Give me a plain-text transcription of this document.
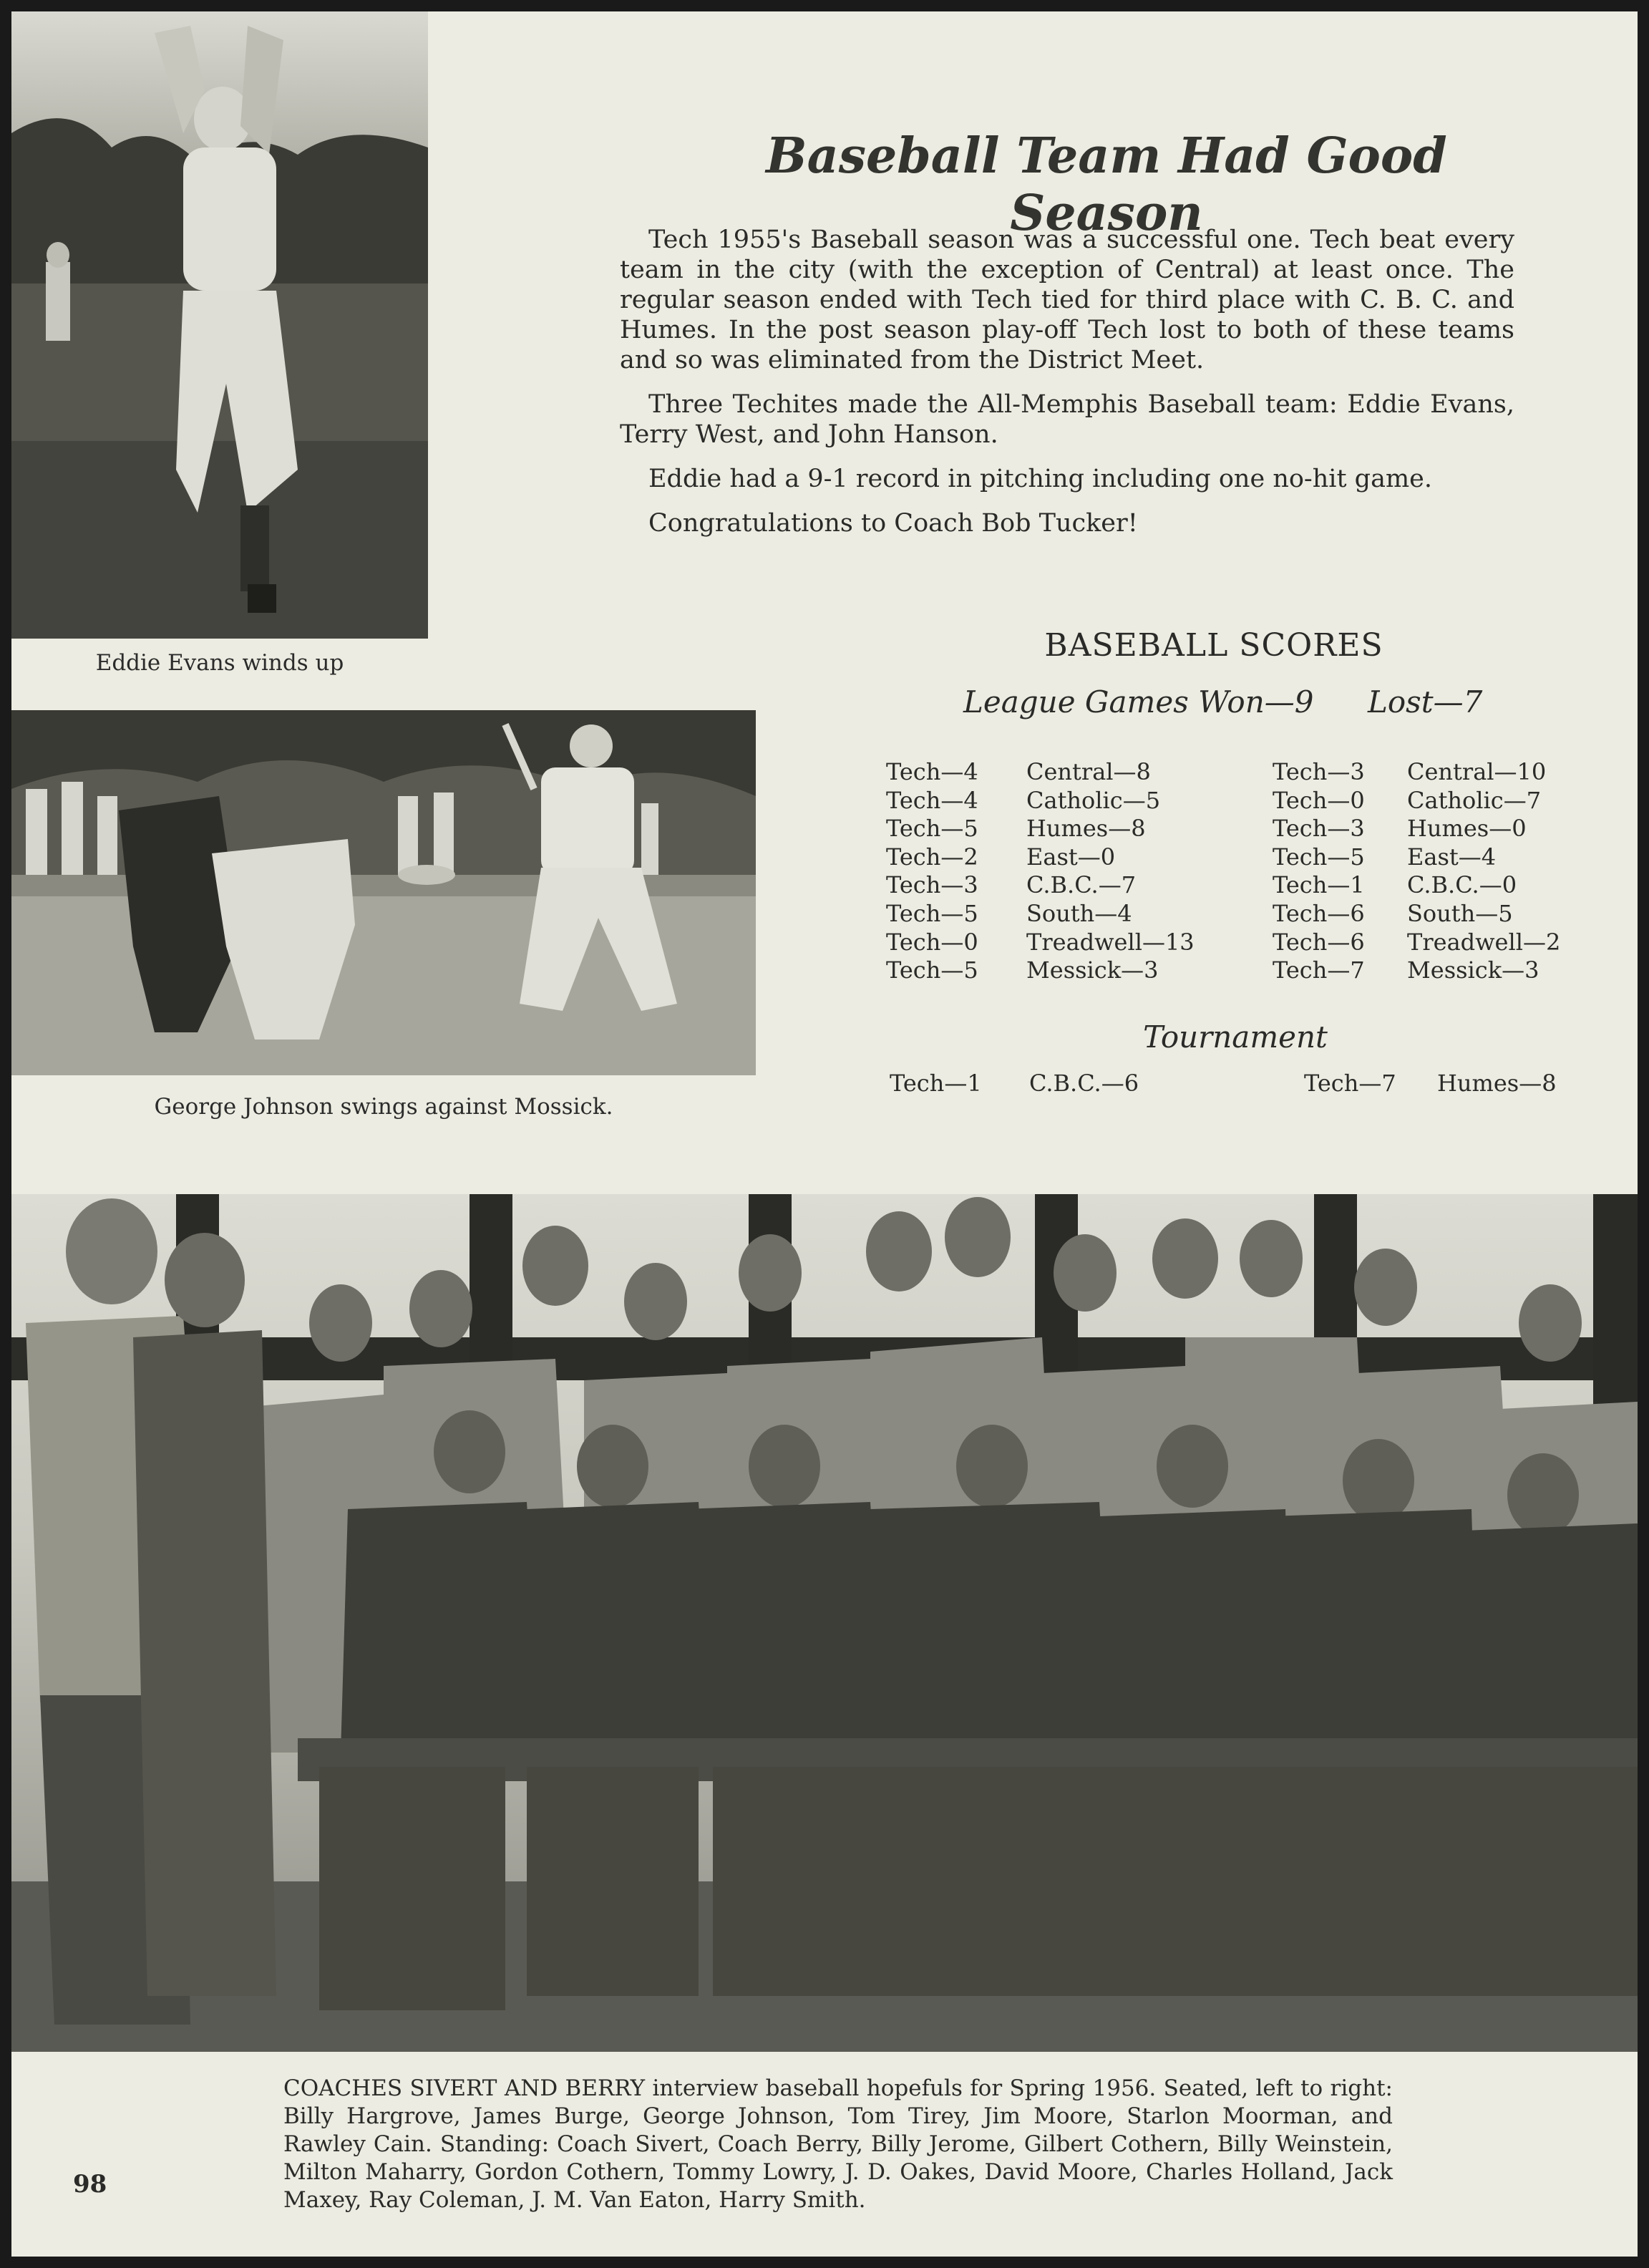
Eddie Evans winds up
George Johnson swings against Mossick.
Baseball Team Had Good Season

Tech 1955's Baseball season was a successful one. Tech beat every team in the city (with the exception of Central) at least once. The regular season ended with Tech tied for third place with C. B. C. and Humes. In the post season play-off Tech lost to both of these teams and so was eliminated from the District Meet.

Three Techites made the All-Memphis Baseball team: Eddie Evans, Terry West, and John Hanson.

Eddie had a 9-1 record in pitching including one no-hit game.

Congratulations to Coach Bob Tucker!

BASEBALL SCORES
League Games Won—9 Lost—7
Tech—4
Tech—4
Tech—5
Tech—2
Tech—3
Tech—5
Tech—0
Tech—5
Central—8
Catholic—5
Humes—8
East—0
C.B.C.—7
South—4
Treadwell—13
Messick—3
Tech—3
Tech—0
Tech—3
Tech—5
Tech—1
Tech—6
Tech—6
Tech—7
Central—10
Catholic—7
Humes—0
East—4
C.B.C.—0
South—5
Treadwell—2
Messick—3
Tournament
Tech—1 C.B.C.—6	Tech—7 Humes—8
COACHES SIVERT AND BERRY interview baseball hopefuls for Spring 1956. Seated, left to right: Billy Hargrove, James Burge, George Johnson, Tom Tirey, Jim Moore, Starlon Moorman, and Rawley Cain. Standing: Coach Sivert, Coach Berry, Billy Jerome, Gilbert Cothern, Billy Weinstein, Milton Maharry, Gordon Cothern, Tommy Lowry, J. D. Oakes, David Moore, Charles Holland, Jack Maxey, Ray Coleman, J. M. Van Eaton, Harry Smith.
98
